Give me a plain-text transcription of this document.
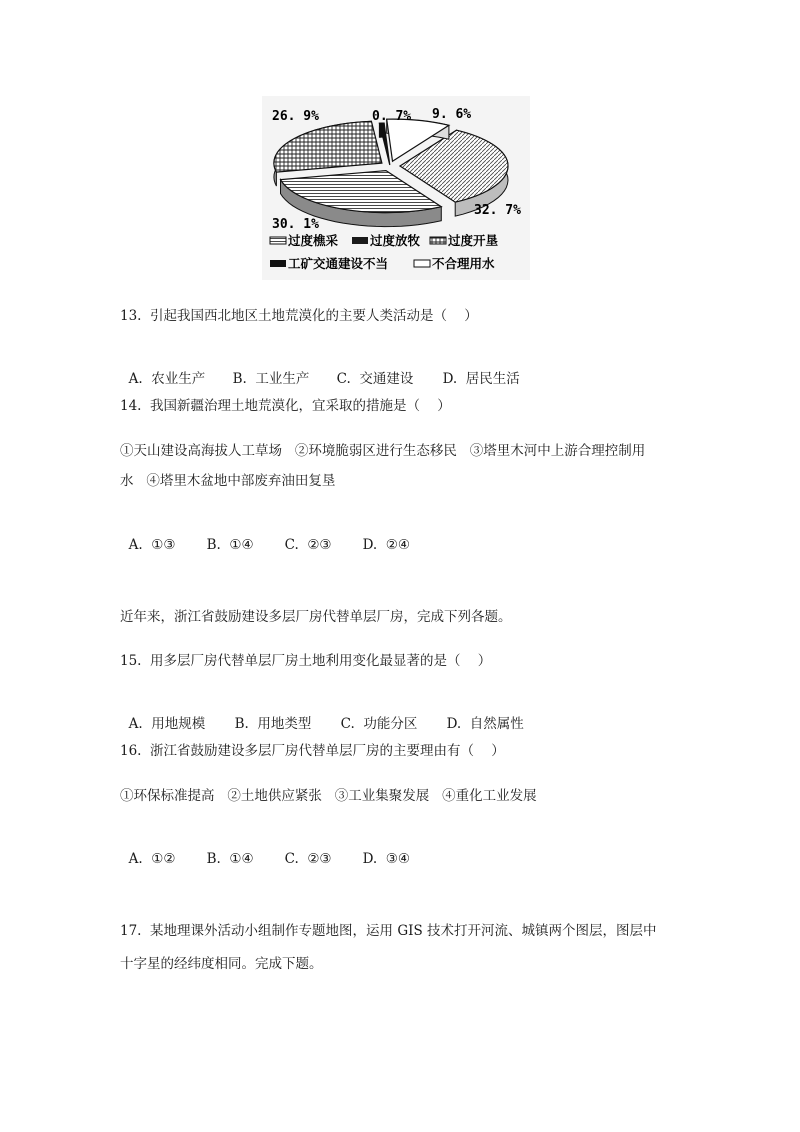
26. 9%	0. 7% 9. 6%
30. 1%
32. 7%
过度樵采	过度放牧 过度开垦
工矿交通建设不当	不合理用水
13.  引起我国西北地区土地荒漠化的主要人类活动是（    ）

A.  农业生产 B.  工业生产 C.  交通建设 D.  居民生活

14.  我国新疆治理土地荒漠化，宜采取的措施是（    ）
①天山建设高海拔人工草场   ②环境脆弱区进行生态移民   ③塔里木河中上游合理控制用
水   ④塔里木盆地中部废弃油田复垦

A.  ①③ B.  ①④ C.  ②③ D.  ②④

近年来，浙江省鼓励建设多层厂房代替单层厂房，完成下列各题。
15.  用多层厂房代替单层厂房土地利用变化最显著的是（    ）

A.  用地规模 B.  用地类型 C.  功能分区 D.  自然属性

16.  浙江省鼓励建设多层厂房代替单层厂房的主要理由有（    ）
①环保标准提高   ②土地供应紧张   ③工业集聚发展   ④重化工业发展

A.  ①② B.  ①④ C.  ②③ D.  ③④

17.  某地理课外活动小组制作专题地图，运用 GIS 技术打开河流、城镇两个图层，图层中
十字星的经纬度相同。完成下题。
